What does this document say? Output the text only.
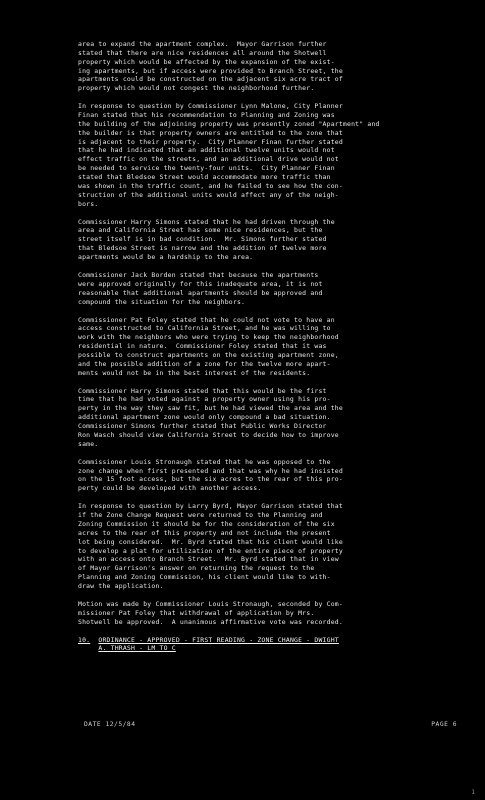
area to expand the apartment complex.  Mayor Garrison further
stated that there are nice residences all around the Shotwell
property which would be affected by the expansion of the exist-
ing apartments, but if access were provided to Branch Street, the
apartments could be constructed on the adjacent six acre tract of
property which would not congest the neighborhood further.
In response to question by Commissioner Lynn Malone, City Planner
Finan stated that his recommendation to Planning and Zoning was
the building of the adjoining property was presently zoned "Apartment" and
the builder is that property owners are entitled to the zone that
is adjacent to their property.  City Planner Finan further stated
that he had indicated that an additional twelve units would not
effect traffic on the streets, and an additional drive would not
be needed to service the twenty-four units.  City Planner Finan
stated that Bledsoe Street would accommodate more traffic than
was shown in the traffic count, and he failed to see how the con-
struction of the additional units would affect any of the neigh-
bors.
Commissioner Harry Simons stated that he had driven through the
area and California Street has some nice residences, but the
street itself is in bad condition.  Mr. Simons further stated
that Bledsoe Street is narrow and the addition of twelve more
apartments would be a hardship to the area.
Commissioner Jack Borden stated that because the apartments
were approved originally for this inadequate area, it is not
reasonable that additional apartments should be approved and
compound the situation for the neighbors.
Commissioner Pat Foley stated that he could not vote to have an
access constructed to California Street, and he was willing to
work with the neighbors who were trying to keep the neighborhood
residential in nature.  Commissioner Foley stated that it was
possible to construct apartments on the existing apartment zone,
and the possible addition of a zone for the twelve more apart-
ments would not be in the best interest of the residents.
Commissioner Harry Simons stated that this would be the first
time that he had voted against a property owner using his pro-
perty in the way they saw fit, but he had viewed the area and the
additional apartment zone would only compound a bad situation.
Commissioner Simons further stated that Public Works Director
Ron Wasch should view California Street to decide how to improve
same.
Commissioner Louis Stronaugh stated that he was opposed to the
zone change when first presented and that was why he had insisted
on the 15 foot access, but the six acres to the rear of this pro-
perty could be developed with another access.
In response to question by Larry Byrd, Mayor Garrison stated that
if the Zone Change Request were returned to the Planning and
Zoning Commission it should be for the consideration of the six
acres to the rear of this property and not include the present
lot being considered.  Mr. Byrd stated that his client would like
to develop a plat for utilization of the entire piece of property
with an access onto Branch Street.  Mr. Byrd stated that in view
of Mayor Garrison's answer on returning the request to the
Planning and Zoning Commission, his client would like to with-
draw the application.
Motion was made by Commissioner Louis Stronaugh, seconded by Com-
missioner Pat Foley that withdrawal of application by Mrs.
Shotwell be approved.  A unanimous affirmative vote was recorded.
10. ORDINANCE - APPROVED - FIRST READING - ZONE CHANGE - DWIGHT
A. THRASH - LM TO C
DATE 12/5/84	PAGE 6
1
